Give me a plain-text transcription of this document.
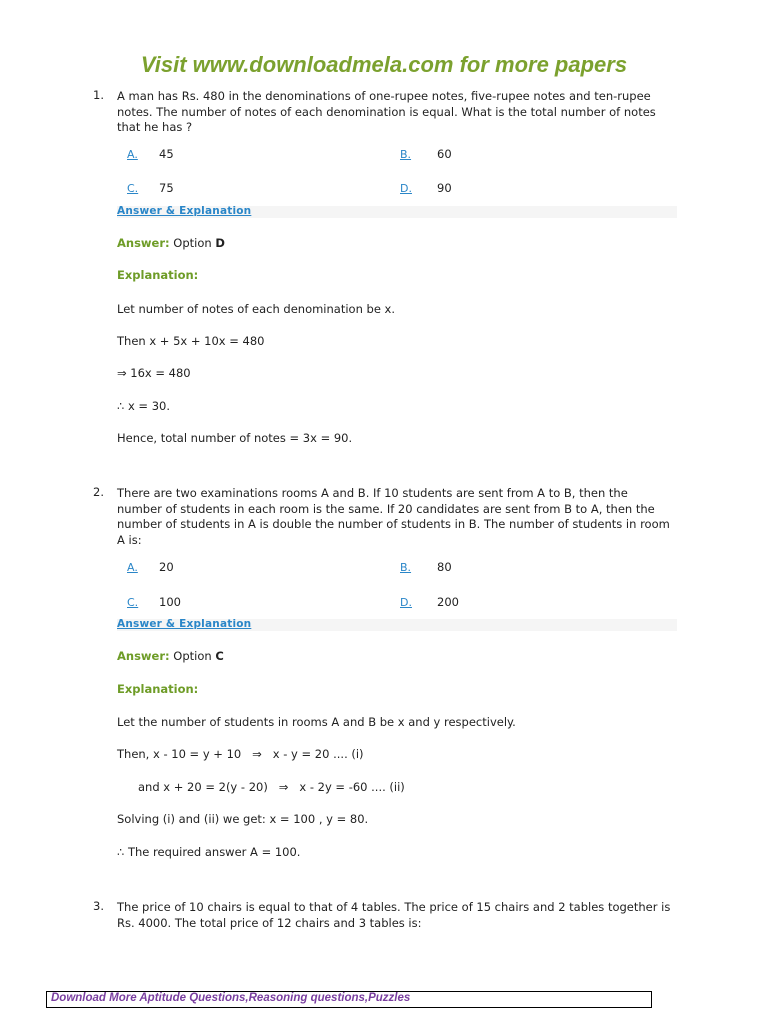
Visit www.downloadmela.com for more papers
1. A man has Rs. 480 in the denominations of one-rupee notes, five-rupee notes and ten-rupee notes. The number of notes of each denomination is equal. What is the total number of notes that he has ?
A. 45	B. 60
C. 75	D. 90
Answer & Explanation
Answer: Option D
Explanation:
Let number of notes of each denomination be x.
Then x + 5x + 10x = 480
⇒ 16x = 480
∴ x = 30.
Hence, total number of notes = 3x = 90.
2. There are two examinations rooms A and B. If 10 students are sent from A to B, then the number of students in each room is the same. If 20 candidates are sent from B to A, then the number of students in A is double the number of students in B. The number of students in room A is:
A. 20	B. 80
C. 100	D. 200
Answer & Explanation
Answer: Option C
Explanation:
Let the number of students in rooms A and B be x and y respectively.
Then, x - 10 = y + 10   ⇒   x - y = 20 .... (i)
and x + 20 = 2(y - 20)   ⇒   x - 2y = -60 .... (ii)
Solving (i) and (ii) we get: x = 100 , y = 80.
∴ The required answer A = 100.
3. The price of 10 chairs is equal to that of 4 tables. The price of 15 chairs and 2 tables together is Rs. 4000. The total price of 12 chairs and 3 tables is:
Download More Aptitude Questions,Reasoning questions,Puzzles
